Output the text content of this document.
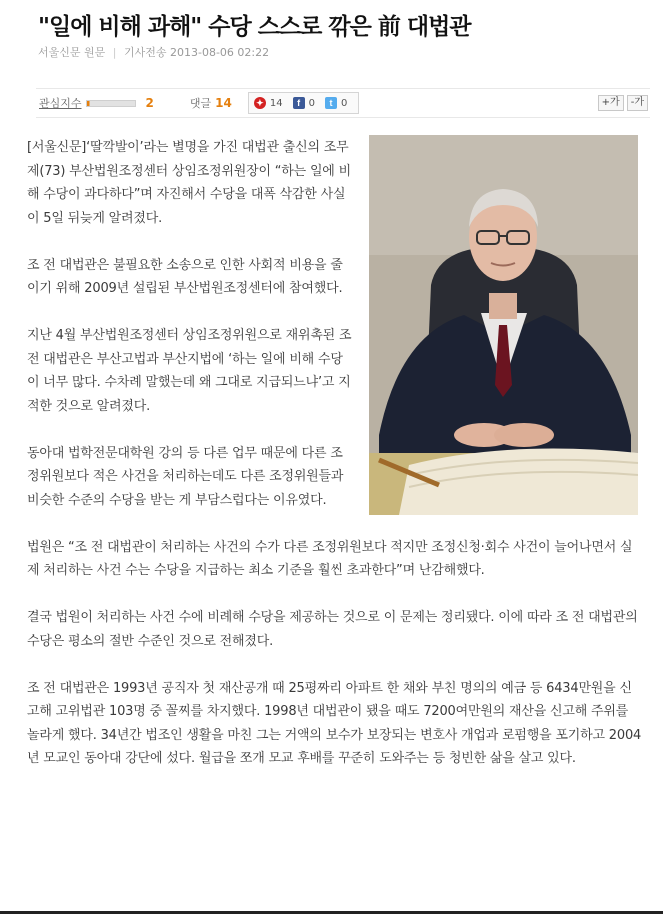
"일에 비해 과해" 수당 스스로 깎은 前 대법관
서울신문 원문 | 기사전송 2013-08-06 02:22
관심지수	2	댓글 14	✦ 14	f 0	t 0	+가	-가

[서울신문]‘딸깍발이’라는 별명을 가진 대법관 출신의 조무제(73) 부산법원조정센터 상임조정위원장이 “하는 일에 비해 수당이 과다하다”며 자진해서 수당을 대폭 삭감한 사실이 5일 뒤늦게 알려졌다.

조 전 대법관은 불필요한 소송으로 인한 사회적 비용을 줄이기 위해 2009년 설립된 부산법원조정센터에 참여했다.

지난 4월 부산법원조정센터 상임조정위원으로 재위촉된 조 전 대법관은 부산고법과 부산지법에 ‘하는 일에 비해 수당이 너무 많다. 수차례 말했는데 왜 그대로 지급되느냐’고 지적한 것으로 알려졌다.

동아대 법학전문대학원 강의 등 다른 업무 때문에 다른 조정위원보다 적은 사건을 처리하는데도 다른 조정위원들과 비슷한 수준의 수당을 받는 게 부담스럽다는 이유였다.

법원은 “조 전 대법관이 처리하는 사건의 수가 다른 조정위원보다 적지만 조정신청·회수 사건이 늘어나면서 실제 처리하는 사건 수는 수당을 지급하는 최소 기준을 훨씬 초과한다”며 난감해했다.

결국 법원이 처리하는 사건 수에 비례해 수당을 제공하는 것으로 이 문제는 정리됐다. 이에 따라 조 전 대법관의 수당은 평소의 절반 수준인 것으로 전해졌다.

조 전 대법관은 1993년 공직자 첫 재산공개 때 25평짜리 아파트 한 채와 부친 명의의 예금 등 6434만원을 신고해 고위법관 103명 중 꼴찌를 차지했다. 1998년 대법관이 됐을 때도 7200여만원의 재산을 신고해 주위를 놀라게 했다. 34년간 법조인 생활을 마친 그는 거액의 보수가 보장되는 변호사 개업과 로펌행을 포기하고 2004년 모교인 동아대 강단에 섰다. 월급을 쪼개 모교 후배를 꾸준히 도와주는 등 청빈한 삶을 살고 있다.
